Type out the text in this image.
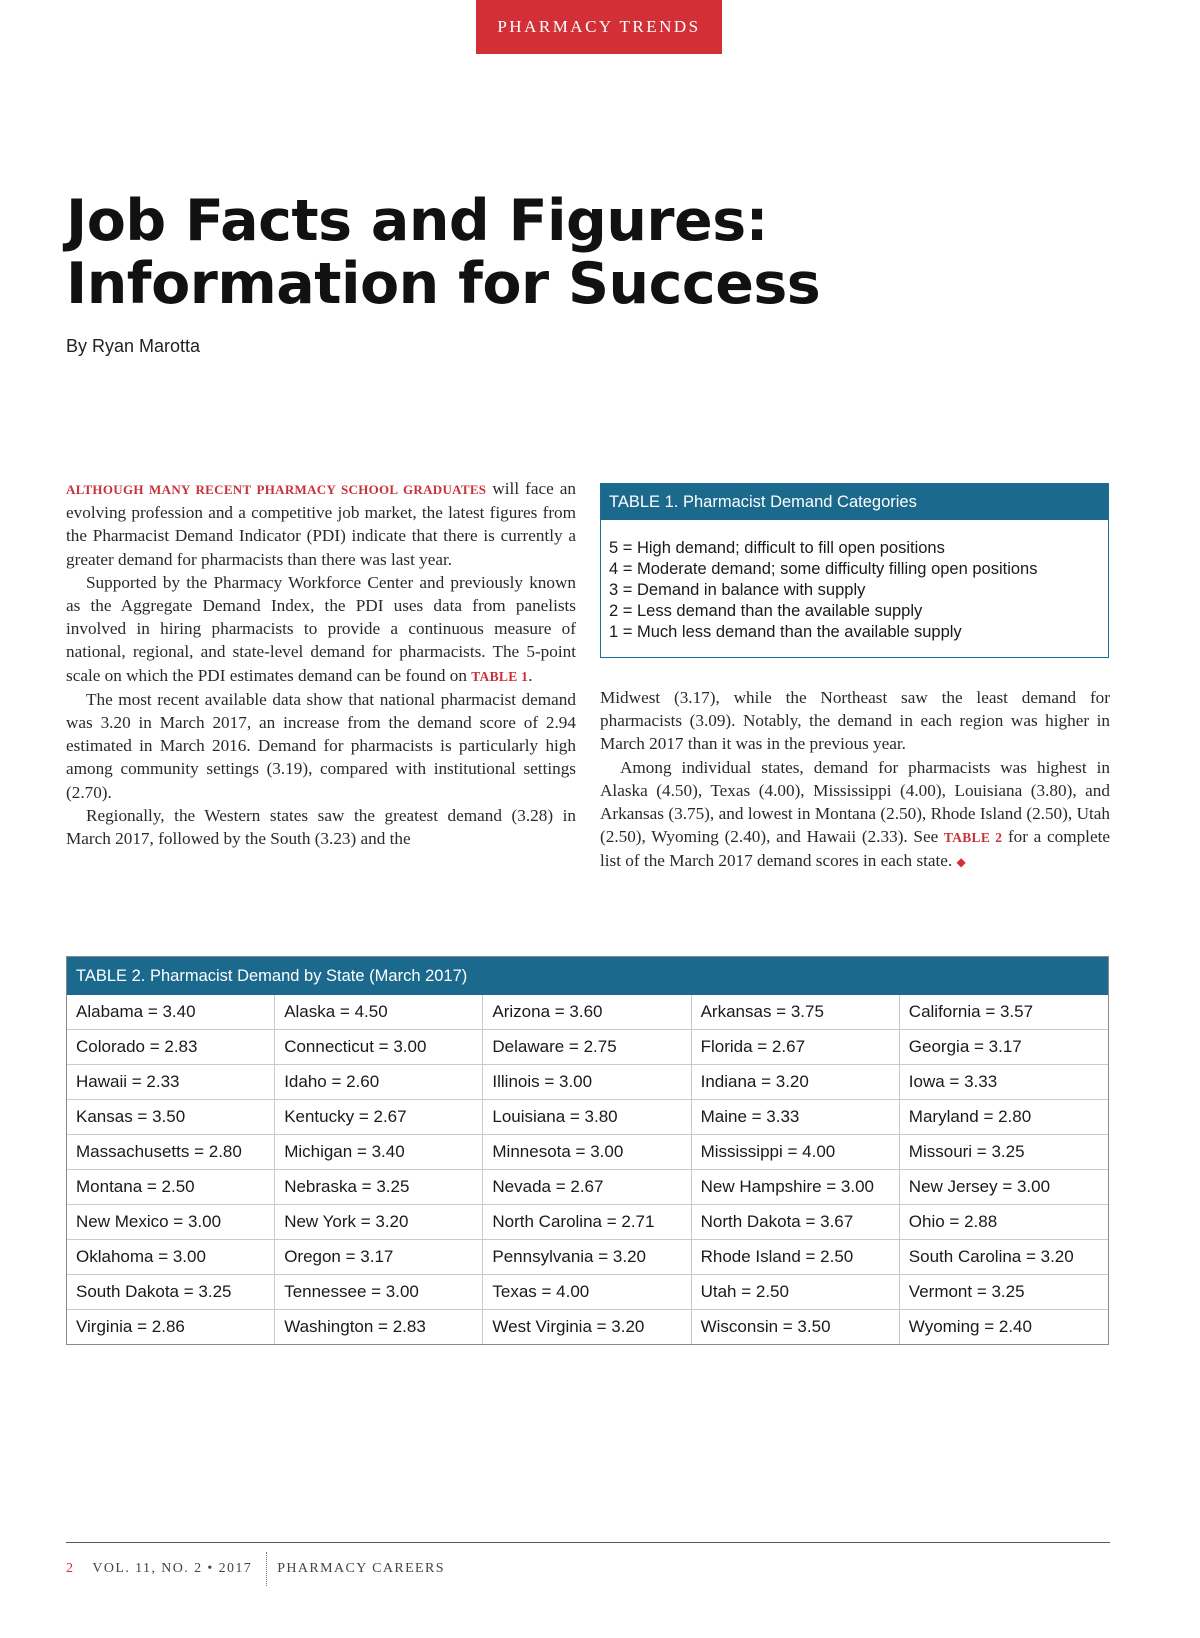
PHARMACY TRENDS
Job Facts and Figures: Information for Success
By Ryan Marotta

ALTHOUGH MANY RECENT PHARMACY SCHOOL GRADUATES will face an evolving profession and a competitive job market, the latest figures from the Pharmacist Demand Indicator (PDI) indicate that there is currently a greater demand for pharmacists than there was last year.

Supported by the Pharmacy Workforce Center and previously known as the Aggregate Demand Index, the PDI uses data from panelists involved in hiring pharmacists to provide a continuous measure of national, regional, and state-level demand for pharmacists. The 5-point scale on which the PDI estimates demand can be found on TABLE 1.

The most recent available data show that national pharmacist demand was 3.20 in March 2017, an increase from the demand score of 2.94 estimated in March 2016. Demand for pharmacists is particularly high among community settings (3.19), compared with institutional settings (2.70).

Regionally, the Western states saw the greatest demand (3.28) in March 2017, followed by the South (3.23) and the

TABLE 1. Pharmacist Demand Categories
5 = High demand; difficult to fill open positions
4 = Moderate demand; some difficulty filling open positions
3 = Demand in balance with supply
2 = Less demand than the available supply
1 = Much less demand than the available supply

Midwest (3.17), while the Northeast saw the least demand for pharmacists (3.09). Notably, the demand in each region was higher in March 2017 than it was in the previous year.

Among individual states, demand for pharmacists was highest in Alaska (4.50), Texas (4.00), Mississippi (4.00), Louisiana (3.80), and Arkansas (3.75), and lowest in Montana (2.50), Rhode Island (2.50), Utah (2.50), Wyoming (2.40), and Hawaii (2.33). See TABLE 2 for a complete list of the March 2017 demand scores in each state. ◆

TABLE 2. Pharmacist Demand by State (March 2017)
Alabama = 3.40	Alaska = 4.50	Arizona = 3.60	Arkansas = 3.75	California = 3.57
Colorado = 2.83	Connecticut = 3.00	Delaware = 2.75	Florida = 2.67	Georgia = 3.17
Hawaii = 2.33	Idaho = 2.60	Illinois = 3.00	Indiana = 3.20	Iowa = 3.33
Kansas = 3.50	Kentucky = 2.67	Louisiana = 3.80	Maine = 3.33	Maryland = 2.80
Massachusetts = 2.80	Michigan = 3.40	Minnesota = 3.00	Mississippi = 4.00	Missouri = 3.25
Montana = 2.50	Nebraska = 3.25	Nevada = 2.67	New Hampshire = 3.00	New Jersey = 3.00
New Mexico = 3.00	New York = 3.20	North Carolina = 2.71	North Dakota = 3.67	Ohio = 2.88
Oklahoma = 3.00	Oregon = 3.17	Pennsylvania = 3.20	Rhode Island = 2.50	South Carolina = 3.20
South Dakota = 3.25	Tennessee = 3.00	Texas = 4.00	Utah = 2.50	Vermont = 3.25
Virginia = 2.86	Washington = 2.83	West Virginia = 3.20	Wisconsin = 3.50	Wyoming = 2.40
2 VOL. 11, NO. 2 • 2017 PHARMACY CAREERS
